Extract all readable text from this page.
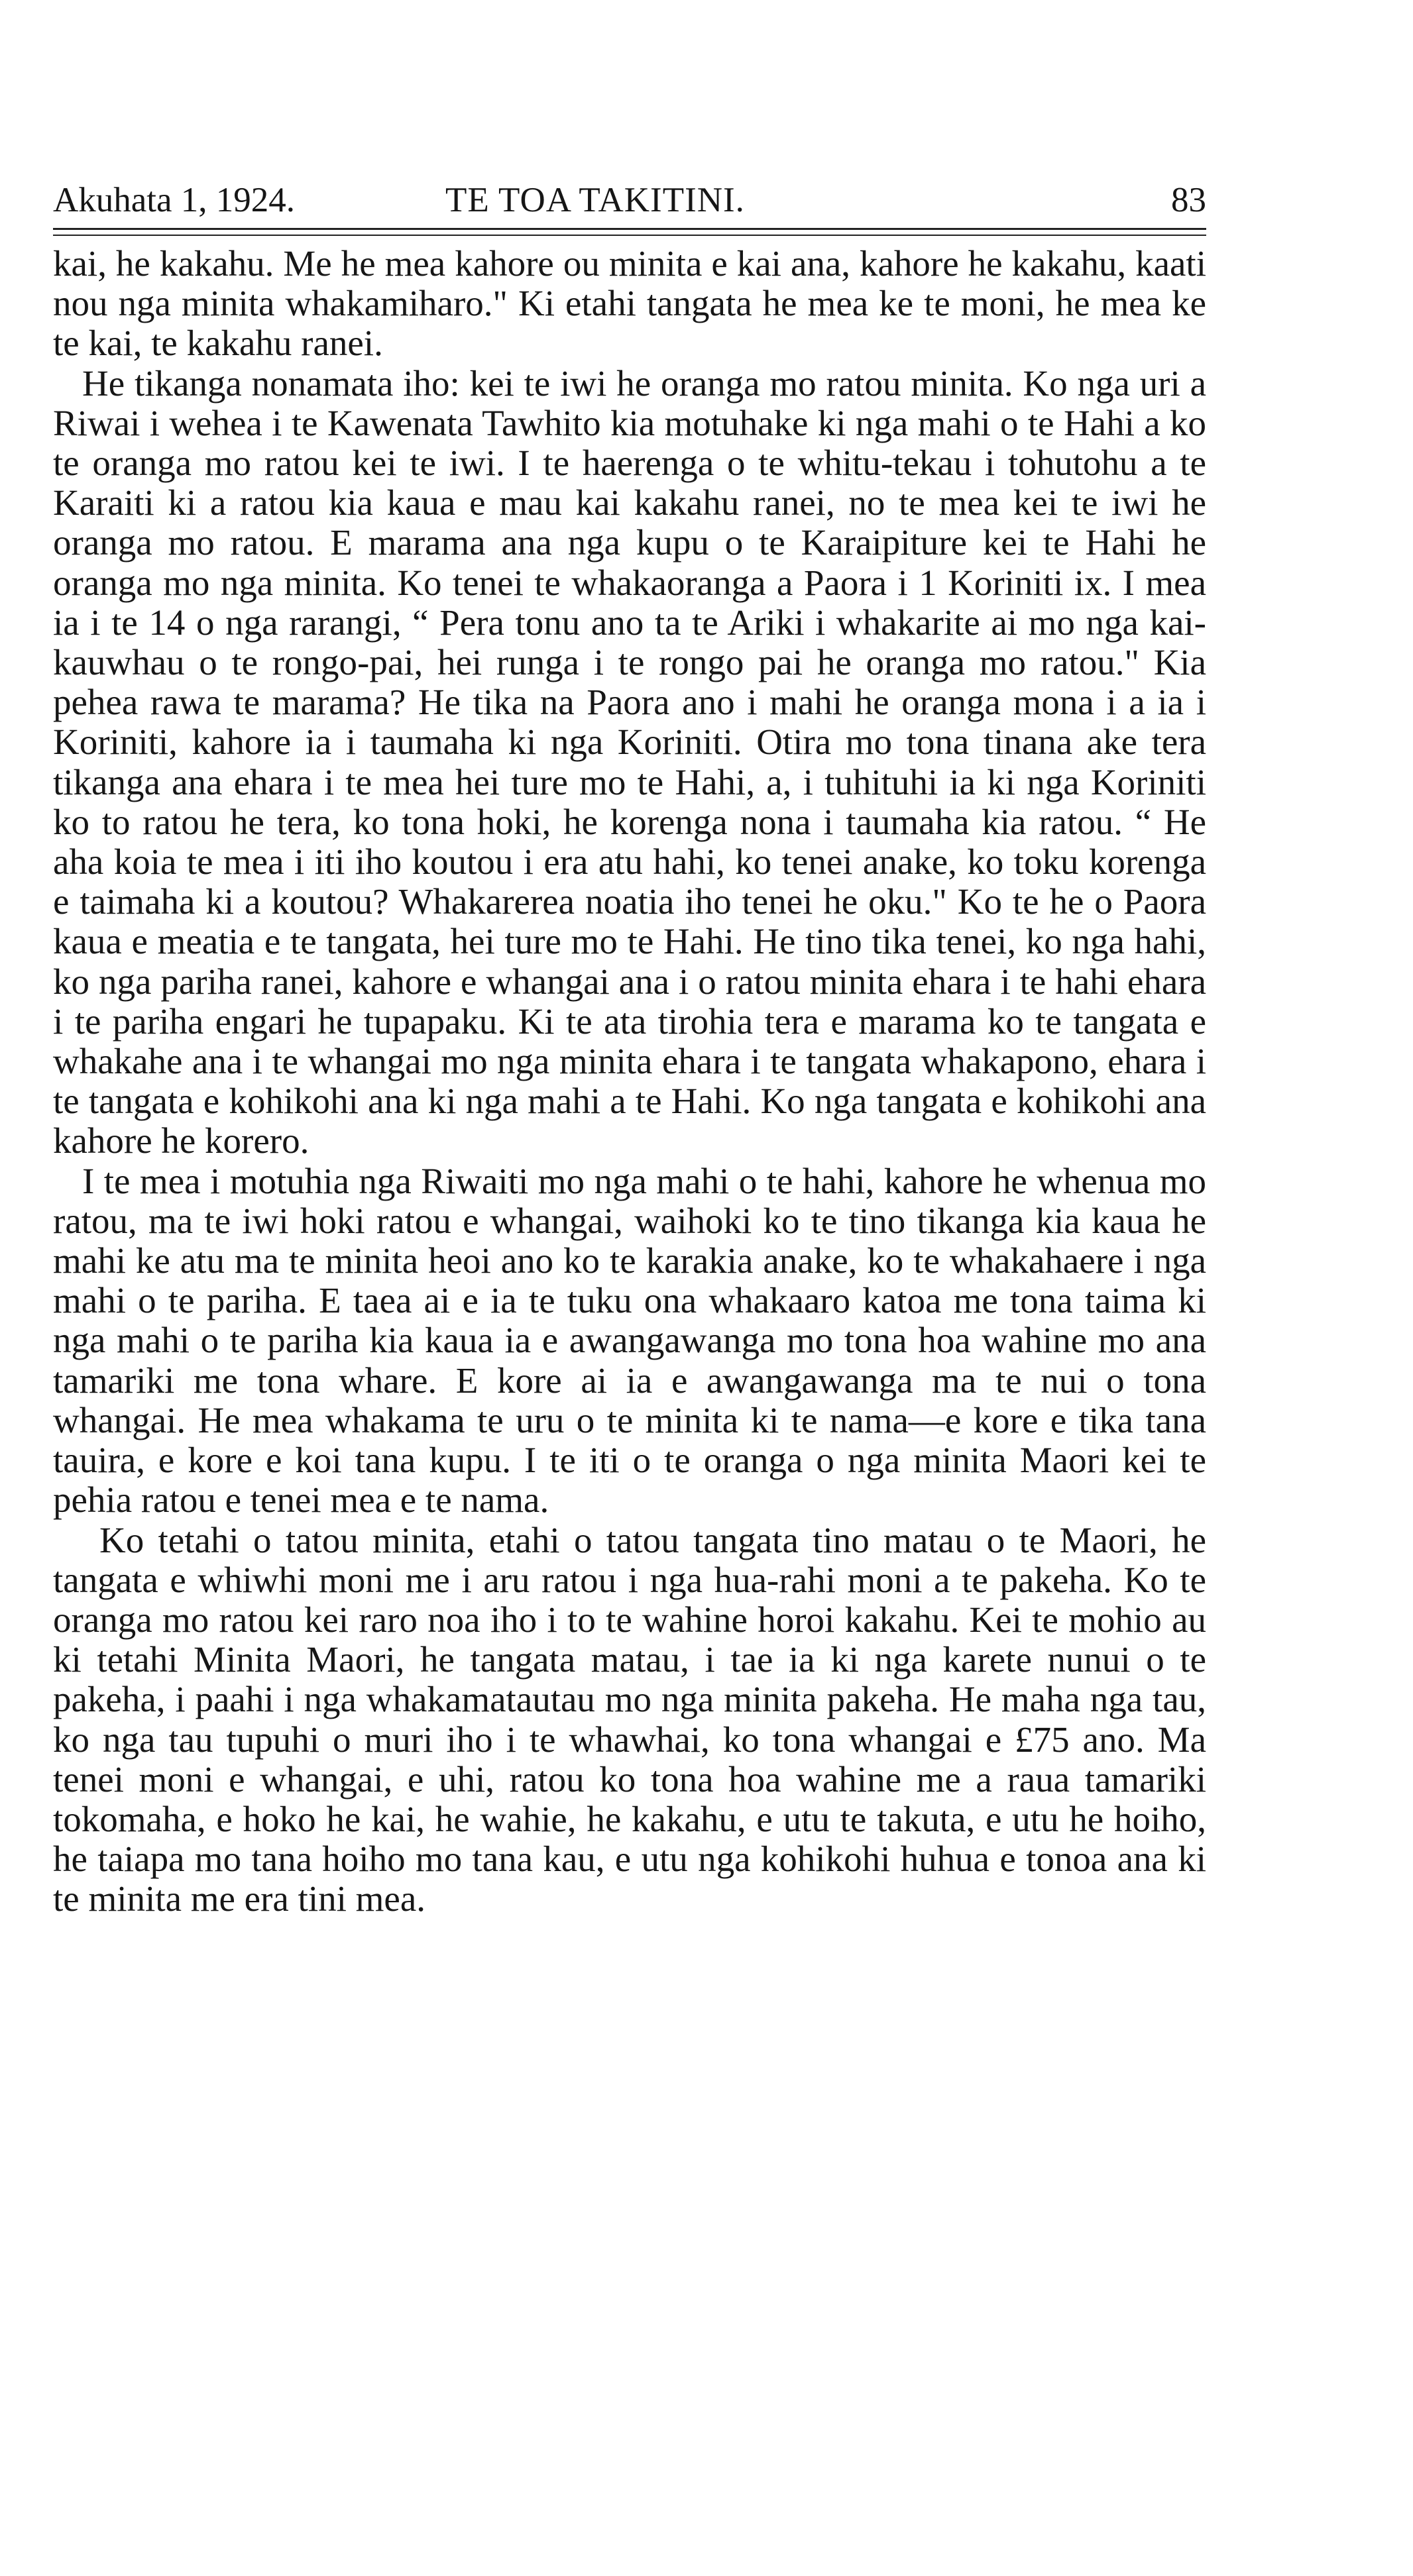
Akuhata 1, 1924.	TE TOA TAKITINI.	83

kai, he kakahu. Me he mea kahore ou minita e kai ana, kahore he kakahu, kaati nou nga minita whakamiharo." Ki etahi tangata he mea ke te moni, he mea ke te kai, te kakahu ranei.

He tikanga nonamata iho: kei te iwi he oranga mo ratou minita. Ko nga uri a Riwai i wehea i te Kawenata Tawhito kia motuhake ki nga mahi o te Hahi a ko te oranga mo ratou kei te iwi. I te haerenga o te whitu-tekau i tohutohu a te Karaiti ki a ratou kia kaua e mau kai kakahu ranei, no te mea kei te iwi he oranga mo ratou. E marama ana nga kupu o te Karaipiture kei te Hahi he oranga mo nga minita. Ko tenei te whakaoranga a Paora i 1 Koriniti ix. I mea ia i te 14 o nga rarangi, “ Pera tonu ano ta te Ariki i whakarite ai mo nga kai-kauwhau o te rongo-pai, hei runga i te rongo pai he oranga mo ratou." Kia pehea rawa te marama? He tika na Paora ano i mahi he oranga mona i a ia i Koriniti, kahore ia i taumaha ki nga Koriniti. Otira mo tona tinana ake tera tikanga ana ehara i te mea hei ture mo te Hahi, a, i tuhituhi ia ki nga Koriniti ko to ratou he tera, ko tona hoki, he korenga nona i taumaha kia ratou. “ He aha koia te mea i iti iho koutou i era atu hahi, ko tenei anake, ko toku korenga e taimaha ki a koutou? Whakarerea noatia iho tenei he oku." Ko te he o Paora kaua e meatia e te tangata, hei ture mo te Hahi. He tino tika tenei, ko nga hahi, ko nga pariha ranei, kahore e whangai ana i o ratou minita ehara i te hahi ehara i te pariha engari he tupapaku. Ki te ata tirohia tera e marama ko te tangata e whakahe ana i te whangai mo nga minita ehara i te tangata whakapono, ehara i te tangata e kohikohi ana ki nga mahi a te Hahi. Ko nga tangata e kohikohi ana kahore he korero.

I te mea i motuhia nga Riwaiti mo nga mahi o te hahi, kahore he whenua mo ratou, ma te iwi hoki ratou e whangai, waihoki ko te tino tikanga kia kaua he mahi ke atu ma te minita heoi ano ko te karakia anake, ko te whakahaere i nga mahi o te pariha. E taea ai e ia te tuku ona whakaaro katoa me tona taima ki nga mahi o te pariha kia kaua ia e awangawanga mo tona hoa wahine mo ana tamariki me tona whare. E kore ai ia e awangawanga ma te nui o tona whangai. He mea whakama te uru o te minita ki te nama—e kore e tika tana tauira, e kore e koi tana kupu. I te iti o te oranga o nga minita Maori kei te pehia ratou e tenei mea e te nama.

Ko tetahi o tatou minita, etahi o tatou tangata tino matau o te Maori, he tangata e whiwhi moni me i aru ratou i nga hua-rahi moni a te pakeha. Ko te oranga mo ratou kei raro noa iho i to te wahine horoi kakahu. Kei te mohio au ki tetahi Minita Maori, he tangata matau, i tae ia ki nga karete nunui o te pakeha, i paahi i nga whakamatautau mo nga minita pakeha. He maha nga tau, ko nga tau tupuhi o muri iho i te whawhai, ko tona whangai e £75 ano. Ma tenei moni e whangai, e uhi, ratou ko tona hoa wahine me a raua tamariki tokomaha, e hoko he kai, he wahie, he kakahu, e utu te takuta, e utu he hoiho, he taiapa mo tana hoiho mo tana kau, e utu nga kohikohi huhua e tonoa ana ki te minita me era tini mea.
